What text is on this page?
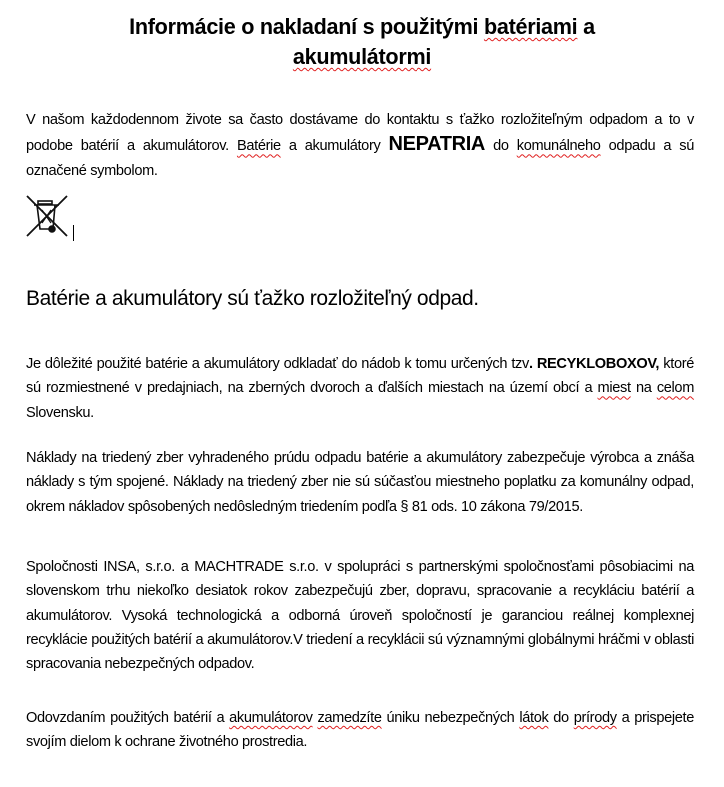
Informácie o nakladaní s použitými batériami a
akumulátormi

V našom každodennom živote sa často dostávame do kontaktu s ťažko rozložiteľným odpadom a to v podobe batérií a akumulátorov. Batérie a akumulátory NEPATRIA do komunálneho odpadu a sú označené symbolom.

Batérie a akumulátory sú ťažko rozložiteľný odpad.

Je dôležité použité batérie a akumulátory odkladať do nádob k tomu určených tzv. RECYKLOBOXOV, ktoré sú rozmiestnené v predajniach, na zberných dvoroch a ďalších miestach na území obcí a miest na celom Slovensku.

Náklady na triedený zber vyhradeného prúdu odpadu batérie a akumulátory zabezpečuje výrobca a znáša náklady s tým spojené. Náklady na triedený zber nie sú súčasťou miestneho poplatku za komunálny odpad, okrem nákladov spôsobených nedôsledným triedením podľa § 81 ods. 10 zákona 79/2015.

Spoločnosti INSA, s.r.o. a MACHTRADE s.r.o. v spolupráci s partnerskými spoločnosťami pôsobiacimi na slovenskom trhu niekoľko desiatok rokov zabezpečujú zber, dopravu, spracovanie a recykláciu batérií a akumulátorov. Vysoká technologická a odborná úroveň spoločností je garanciou reálnej komplexnej recyklácie použitých batérií a akumulátorov.V triedení a recyklácii sú významnými globálnymi hráčmi v oblasti spracovania nebezpečných odpadov.

Odovzdaním použitých batérií a akumulátorov zamedzíte úniku nebezpečných látok do prírody a prispejete svojím dielom k ochrane životného prostredia.
